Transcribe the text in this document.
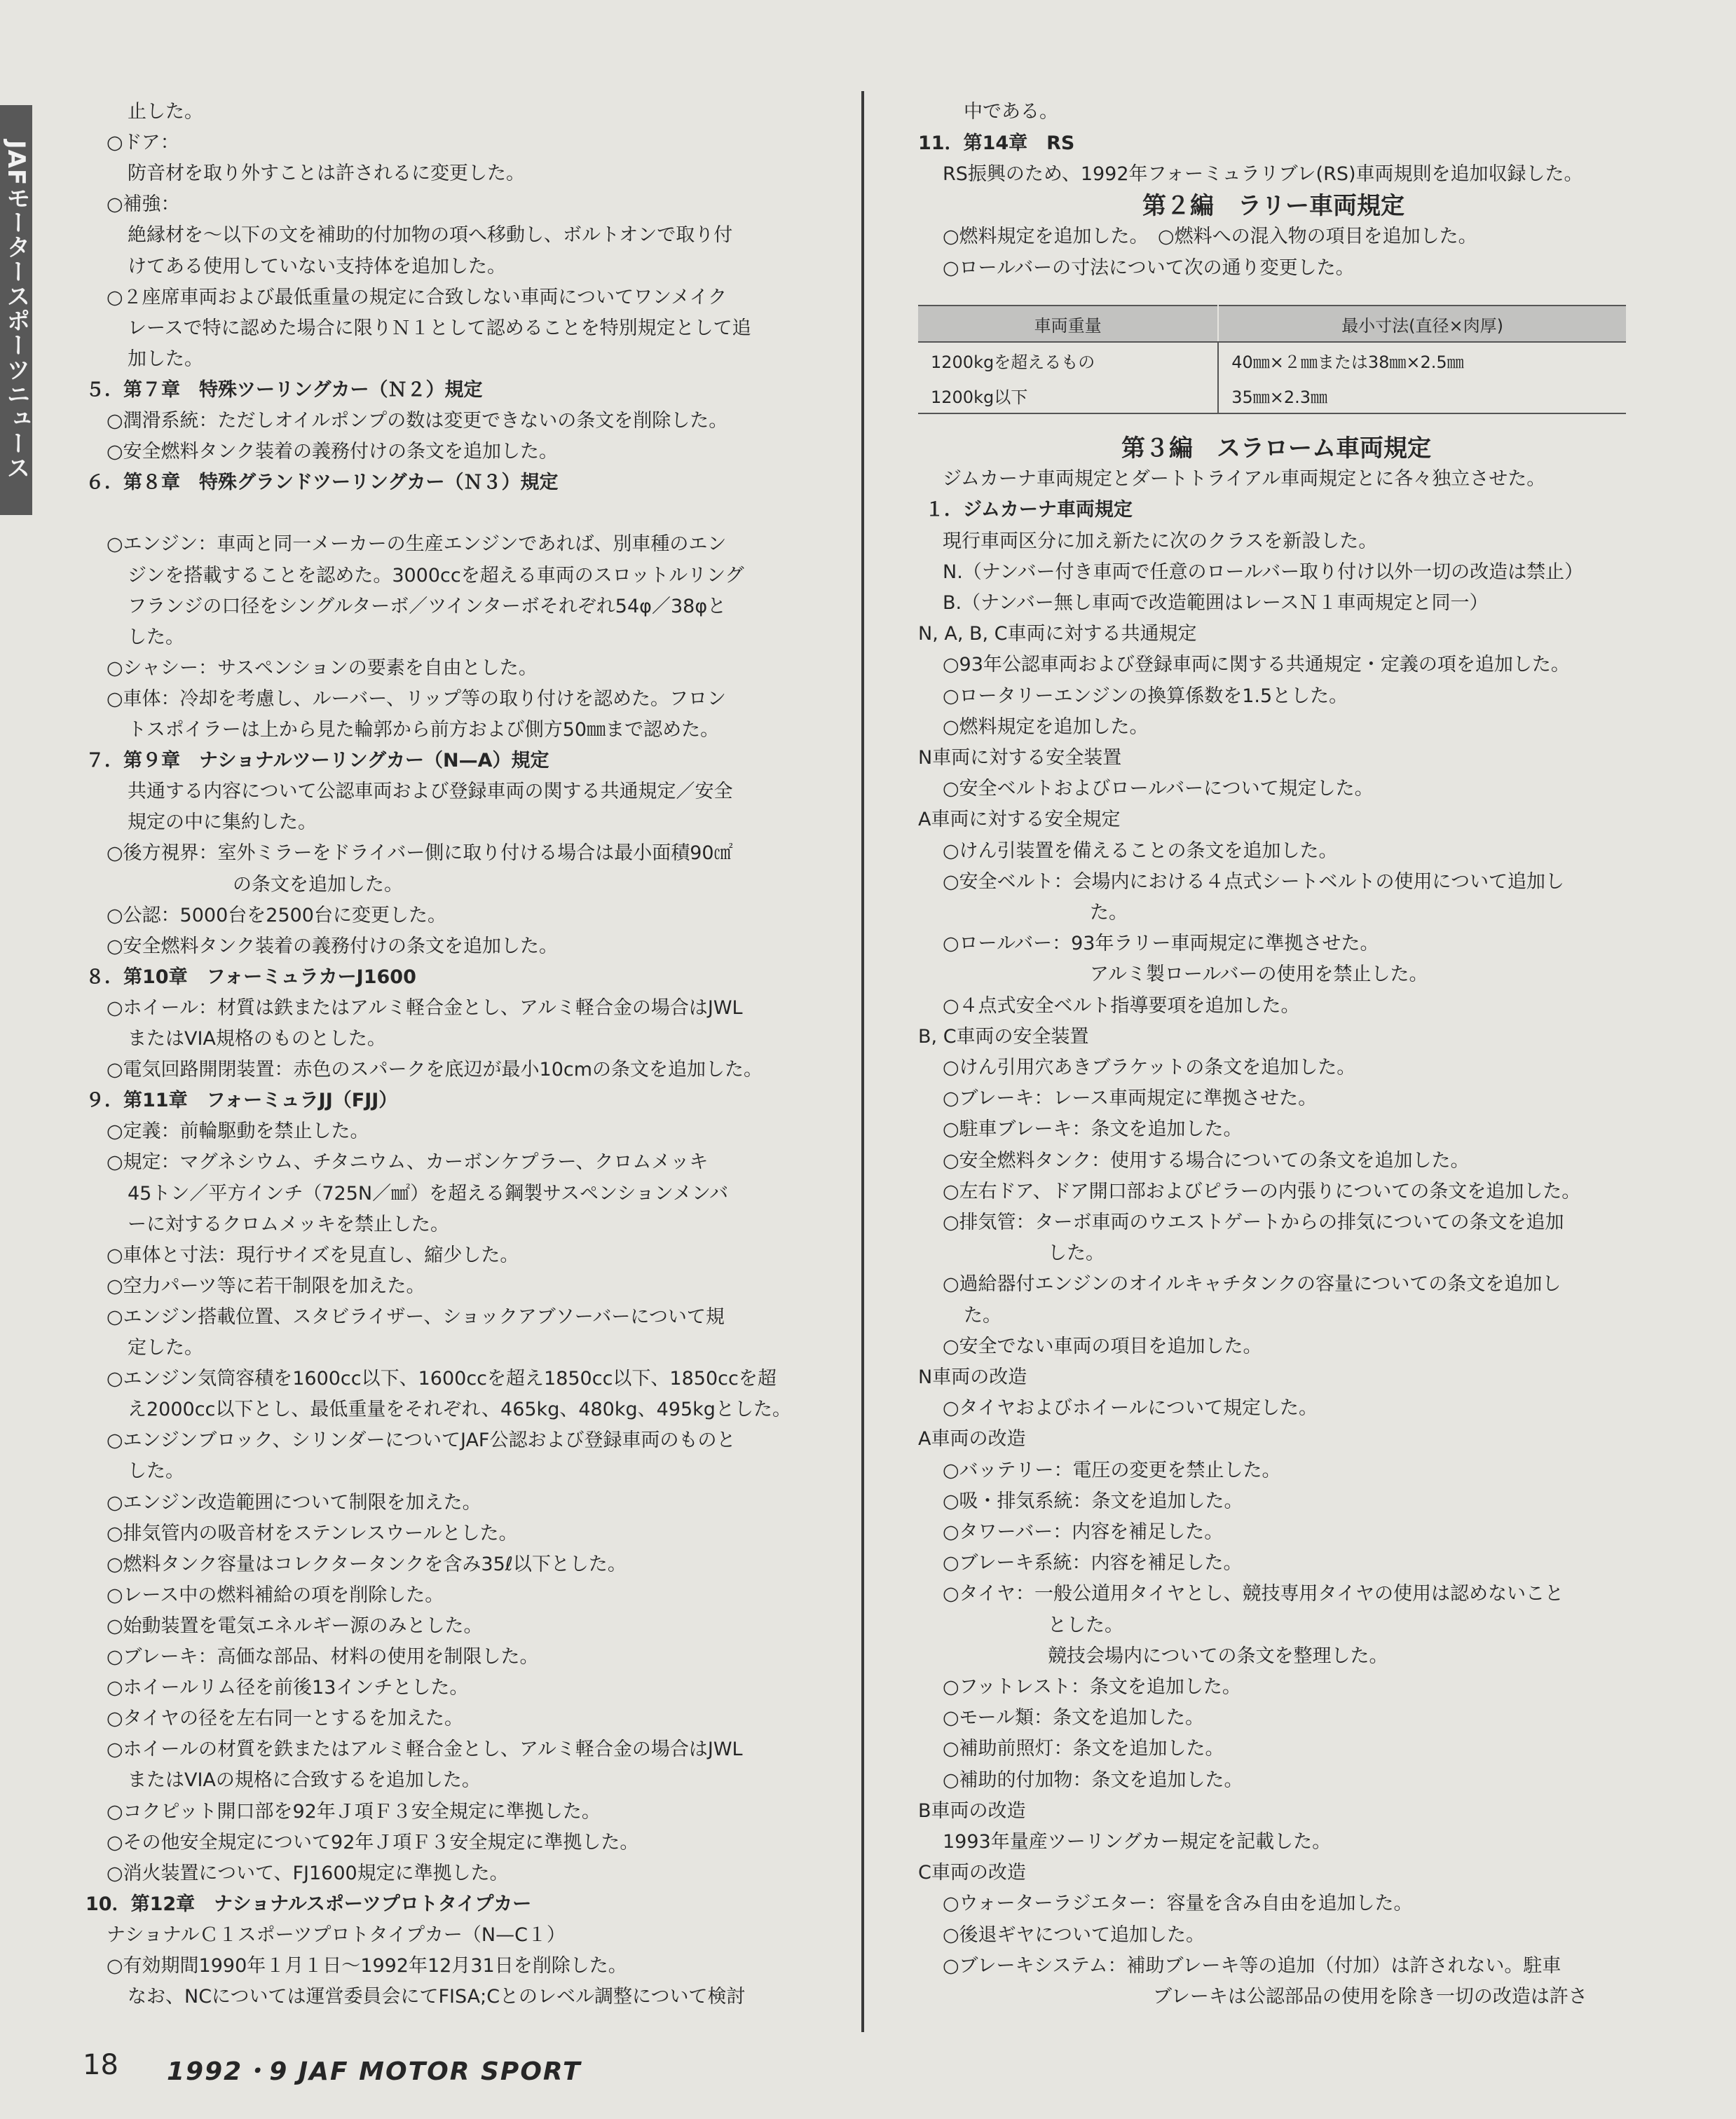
JAFモータースポーツニュース
止した。
○ドア：
防音材を取り外すことは許されるに変更した。
○補強：
絶縁材を〜以下の文を補助的付加物の項へ移動し、ボルトオンで取り付
けてある使用していない支持体を追加した。
○２座席車両および最低重量の規定に合致しない車両についてワンメイク
レースで特に認めた場合に限りＮ１として認めることを特別規定として追
加した。
５．第７章　特殊ツーリングカー（Ｎ２）規定
○潤滑系統：ただしオイルポンプの数は変更できないの条文を削除した。
○安全燃料タンク装着の義務付けの条文を追加した。
６．第８章　特殊グランドツーリングカー（Ｎ３）規定
○エンジン：車両と同一メーカーの生産エンジンであれば、別車種のエン
ジンを搭載することを認めた。3000ccを超える車両のスロットルリング
フランジの口径をシングルターボ／ツインターボそれぞれ54φ／38φと
した。
○シャシー：サスペンションの要素を自由とした。
○車体：冷却を考慮し、ルーバー、リップ等の取り付けを認めた。フロン
トスポイラーは上から見た輪郭から前方および側方50㎜まで認めた。
７．第９章　ナショナルツーリングカー（N—A）規定
共通する内容について公認車両および登録車両の関する共通規定／安全
規定の中に集約した。
○後方視界：室外ミラーをドライバー側に取り付ける場合は最小面積90㎠
の条文を追加した。
○公認：5000台を2500台に変更した。
○安全燃料タンク装着の義務付けの条文を追加した。
８．第10章　フォーミュラカーJ1600
○ホイール：材質は鉄またはアルミ軽合金とし、アルミ軽合金の場合はJWL
またはVIA規格のものとした。
○電気回路開閉装置：赤色のスパークを底辺が最小10cmの条文を追加した。
９．第11章　フォーミュラJJ（FJJ）
○定義：前輪駆動を禁止した。
○規定：マグネシウム、チタニウム、カーボンケプラー、クロムメッキ
45トン／平方インチ（725N／㎟）を超える鋼製サスペンションメンバ
ーに対するクロムメッキを禁止した。
○車体と寸法：現行サイズを見直し、縮少した。
○空力パーツ等に若干制限を加えた。
○エンジン搭載位置、スタビライザー、ショックアブソーバーについて規
定した。
○エンジン気筒容積を1600cc以下、1600ccを超え1850cc以下、1850ccを超
え2000cc以下とし、最低重量をそれぞれ、465kg、480kg、495kgとした。
○エンジンブロック、シリンダーについてJAF公認および登録車両のものと
した。
○エンジン改造範囲について制限を加えた。
○排気管内の吸音材をステンレスウールとした。
○燃料タンク容量はコレクタータンクを含み35ℓ以下とした。
○レース中の燃料補給の項を削除した。
○始動装置を電気エネルギー源のみとした。
○ブレーキ：高価な部品、材料の使用を制限した。
○ホイールリム径を前後13インチとした。
○タイヤの径を左右同一とするを加えた。
○ホイールの材質を鉄またはアルミ軽合金とし、アルミ軽合金の場合はJWL
またはVIAの規格に合致するを追加した。
○コクピット開口部を92年Ｊ項Ｆ３安全規定に準拠した。
○その他安全規定について92年Ｊ項Ｆ３安全規定に準拠した。
○消火装置について、FJ1600規定に準拠した。
10．第12章　ナショナルスポーツプロトタイプカー
ナショナルＣ１スポーツプロトタイプカー（N—C１）
○有効期間1990年１月１日〜1992年12月31日を削除した。
なお、NCについては運営委員会にてFISA;Cとのレベル調整について検討
中である。
11．第14章　RS
RS振興のため、1992年フォーミュラリブレ(RS)車両規則を追加収録した。
第２編　ラリー車両規定
○燃料規定を追加した。　○燃料への混入物の項目を追加した。
○ロールバーの寸法について次の通り変更した。
車両重量	最小寸法(直径×肉厚)
1200kgを超えるもの	40㎜×２㎜または38㎜×2.5㎜
1200kg以下	35㎜×2.3㎜
第３編　スラローム車両規定
ジムカーナ車両規定とダートトライアル車両規定とに各々独立させた。
１．ジムカーナ車両規定
現行車両区分に加え新たに次のクラスを新設した。
N.（ナンバー付き車両で任意のロールバー取り付け以外一切の改造は禁止）
B.（ナンバー無し車両で改造範囲はレースＮ１車両規定と同一）
N, A, B, C車両に対する共通規定
○93年公認車両および登録車両に関する共通規定・定義の項を追加した。
○ロータリーエンジンの換算係数を1.5とした。
○燃料規定を追加した。
N車両に対する安全装置
○安全ベルトおよびロールバーについて規定した。
A車両に対する安全規定
○けん引装置を備えることの条文を追加した。
○安全ベルト：会場内における４点式シートベルトの使用について追加し
た。
○ロールバー：93年ラリー車両規定に準拠させた。
アルミ製ロールバーの使用を禁止した。
○４点式安全ベルト指導要項を追加した。
B, C車両の安全装置
○けん引用穴あきブラケットの条文を追加した。
○ブレーキ：レース車両規定に準拠させた。
○駐車ブレーキ：条文を追加した。
○安全燃料タンク：使用する場合についての条文を追加した。
○左右ドア、ドア開口部およびピラーの内張りについての条文を追加した。
○排気管：ターボ車両のウエストゲートからの排気についての条文を追加
した。
○過給器付エンジンのオイルキャチタンクの容量についての条文を追加し
た。
○安全でない車両の項目を追加した。
N車両の改造
○タイヤおよびホイールについて規定した。
A車両の改造
○バッテリー：電圧の変更を禁止した。
○吸・排気系統：条文を追加した。
○タワーバー：内容を補足した。
○ブレーキ系統：内容を補足した。
○タイヤ：一般公道用タイヤとし、競技専用タイヤの使用は認めないこと
とした。
競技会場内についての条文を整理した。
○フットレスト：条文を追加した。
○モール類：条文を追加した。
○補助前照灯：条文を追加した。
○補助的付加物：条文を追加した。
B車両の改造
1993年量産ツーリングカー規定を記載した。
C車両の改造
○ウォーターラジエター：容量を含み自由を追加した。
○後退ギヤについて追加した。
○ブレーキシステム：補助ブレーキ等の追加（付加）は許されない。駐車
ブレーキは公認部品の使用を除き一切の改造は許さ
18 1992・9 JAF MOTOR SPORT
